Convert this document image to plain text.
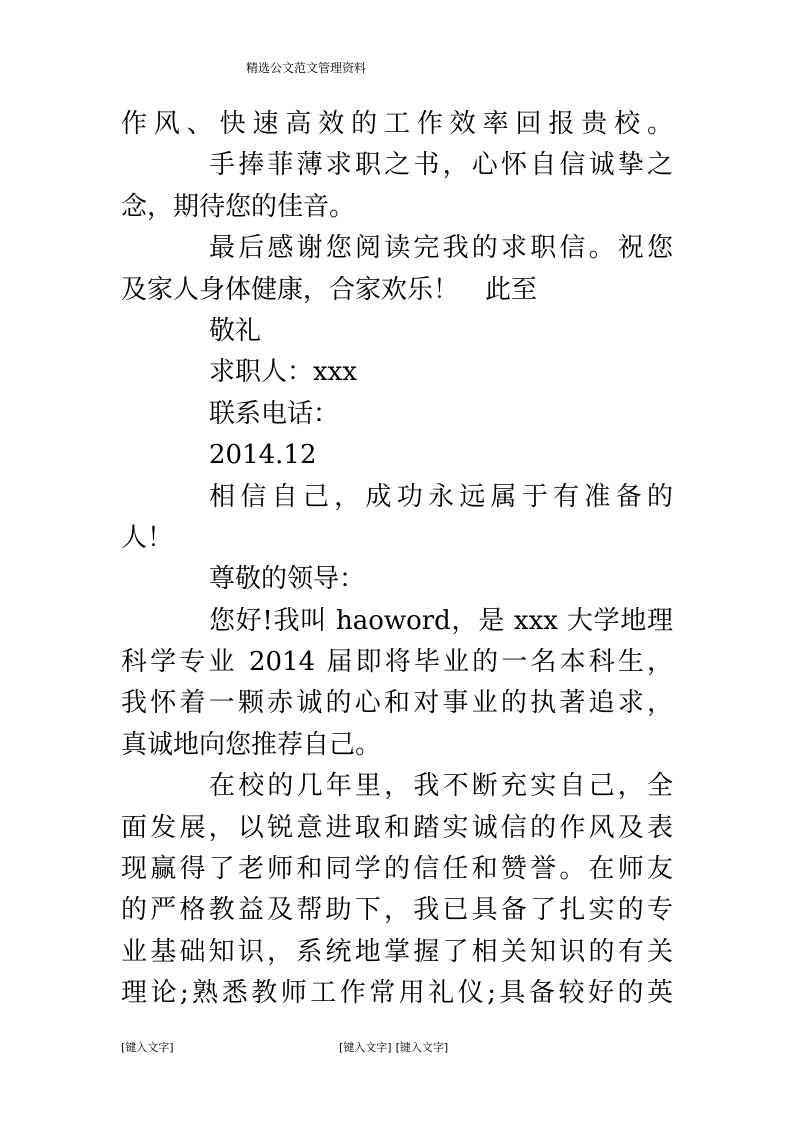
精选公文范文管理资料
作风、快速高效的工作效率回报贵校。
手捧菲薄求职之书，心怀自信诚挚之
念，期待您的佳音。
最后感谢您阅读完我的求职信。祝您
及家人身体健康，合家欢乐！　此至
敬礼
求职人：xxx
联系电话：
2014.12
相信自己，成功永远属于有准备的
人！
尊敬的领导：
您好!我叫 haoword，是 xxx 大学地理
科学专业 2014 届即将毕业的一名本科生，
我怀着一颗赤诚的心和对事业的执著追求，
真诚地向您推荐自己。
在校的几年里，我不断充实自己，全
面发展，以锐意进取和踏实诚信的作风及表
现赢得了老师和同学的信任和赞誉。在师友
的严格教益及帮助下，我已具备了扎实的专
业基础知识，系统地掌握了相关知识的有关
理论;熟悉教师工作常用礼仪;具备较好的英
[键入文字]	[键入文字] [键入文字]
